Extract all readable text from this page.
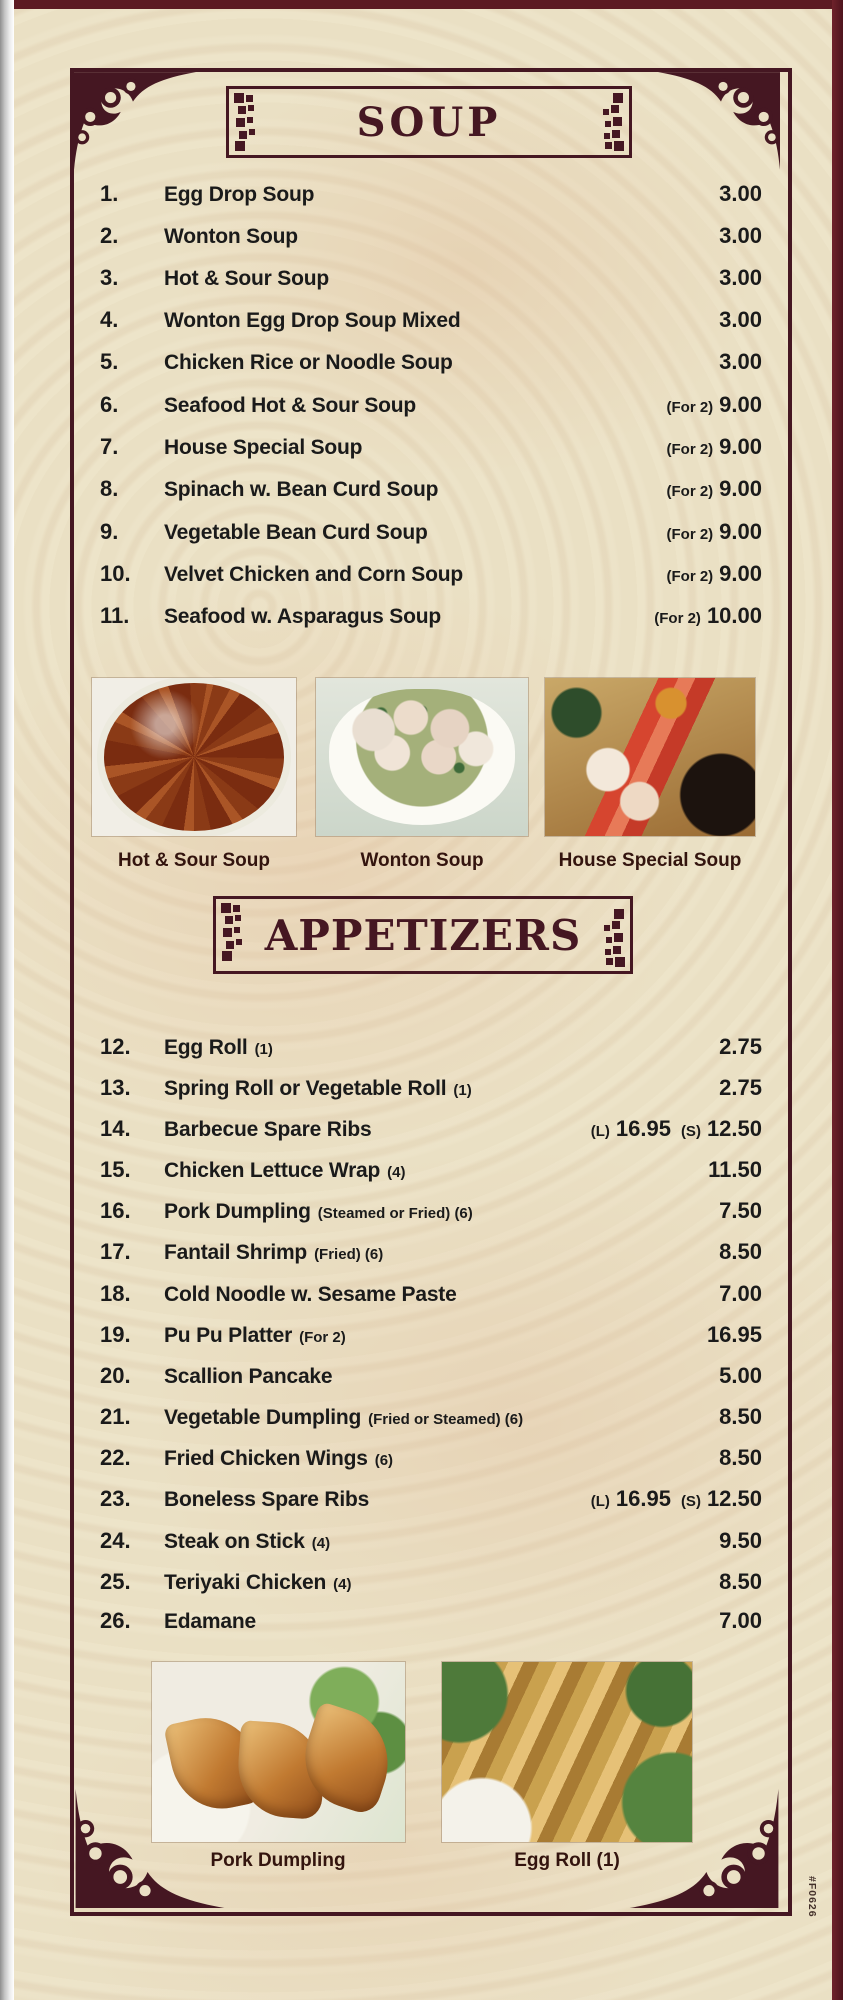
SOUP
1.	Egg Drop Soup	3.00
2.	Wonton Soup	3.00
3.	Hot & Sour Soup	3.00
4.	Wonton Egg Drop Soup Mixed	3.00
5.	Chicken Rice or Noodle Soup	3.00
6.	Seafood Hot & Sour Soup	(For 2) 9.00
7.	House Special Soup	(For 2) 9.00
8.	Spinach w. Bean Curd Soup	(For 2) 9.00
9.	Vegetable Bean Curd Soup	(For 2) 9.00
10.	Velvet Chicken and Corn Soup	(For 2) 9.00
11.	Seafood w. Asparagus Soup	(For 2) 10.00
Hot & Sour Soup	Wonton Soup	House Special Soup
APPETIZERS
12.	Egg Roll (1)	2.75
13.	Spring Roll or Vegetable Roll (1)	2.75
14.	Barbecue Spare Ribs	(L) 16.95 (S) 12.50
15.	Chicken Lettuce Wrap (4)	11.50
16.	Pork Dumpling (Steamed or Fried) (6)	7.50
17.	Fantail Shrimp (Fried) (6)	8.50
18.	Cold Noodle w. Sesame Paste	7.00
19.	Pu Pu Platter (For 2)	16.95
20.	Scallion Pancake	5.00
21.	Vegetable Dumpling (Fried or Steamed) (6)	8.50
22.	Fried Chicken Wings (6)	8.50
23.	Boneless Spare Ribs	(L) 16.95 (S) 12.50
24.	Steak on Stick (4)	9.50
25.	Teriyaki Chicken (4)	8.50
26.	Edamane	7.00
Pork Dumpling	Egg Roll (1)
#F0626
